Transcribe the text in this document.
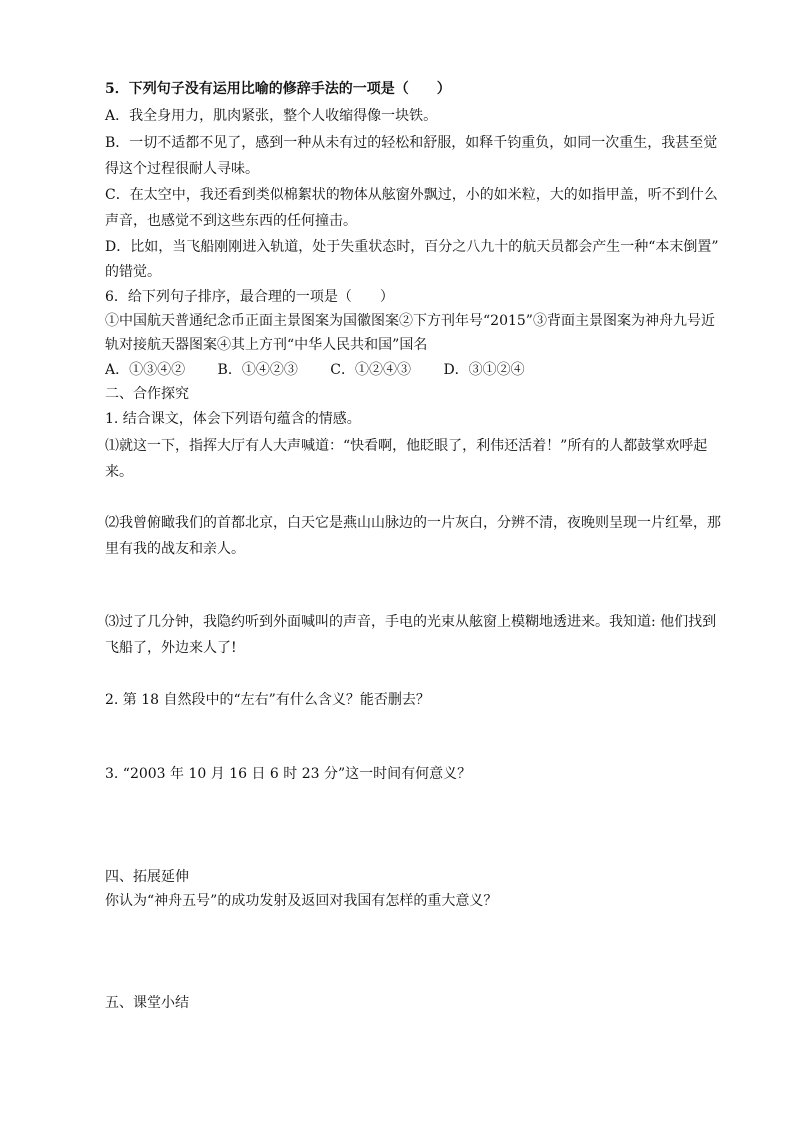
5．下列句子没有运用比喻的修辞手法的一项是（　　）
A．我全身用力，肌肉紧张，整个人收缩得像一块铁。
B．一切不适都不见了，感到一种从未有过的轻松和舒服，如释千钧重负，如同一次重生，我甚至觉
得这个过程很耐人寻味。
C．在太空中，我还看到类似棉絮状的物体从舷窗外飘过，小的如米粒，大的如指甲盖，听不到什么
声音，也感觉不到这些东西的任何撞击。
D．比如，当飞船刚刚进入轨道，处于失重状态时，百分之八九十的航天员都会产生一种“本末倒置”
的错觉。
6．给下列句子排序，最合理的一项是（　　）
①中国航天普通纪念币正面主景图案为国徽图案②下方刊年号“2015”③背面主景图案为神舟九号近
轨对接航天器图案④其上方刊“中华人民共和国”国名
A．①③④②　　 B．①④②③　　 C．①②④③　　 D．③①②④
二、合作探究
1. 结合课文，体会下列语句蕴含的情感。
⑴就这一下，指挥大厅有人大声喊道：“快看啊，他眨眼了，利伟还活着！”所有的人都鼓掌欢呼起
来。
⑵我曾俯瞰我们的首都北京，白天它是燕山山脉边的一片灰白，分辨不清，夜晚则呈现一片红晕，那
里有我的战友和亲人。
⑶过了几分钟，我隐约听到外面喊叫的声音，手电的光束从舷窗上模糊地透进来。我知道: 他们找到
飞船了，外边来人了!
2. 第 18 自然段中的“左右”有什么含义？能否删去？
3. “2003 年 10 月 16 日 6 时 23 分”这一时间有何意义？
四、拓展延伸
你认为“神舟五号”的成功发射及返回对我国有怎样的重大意义？
五、课堂小结
